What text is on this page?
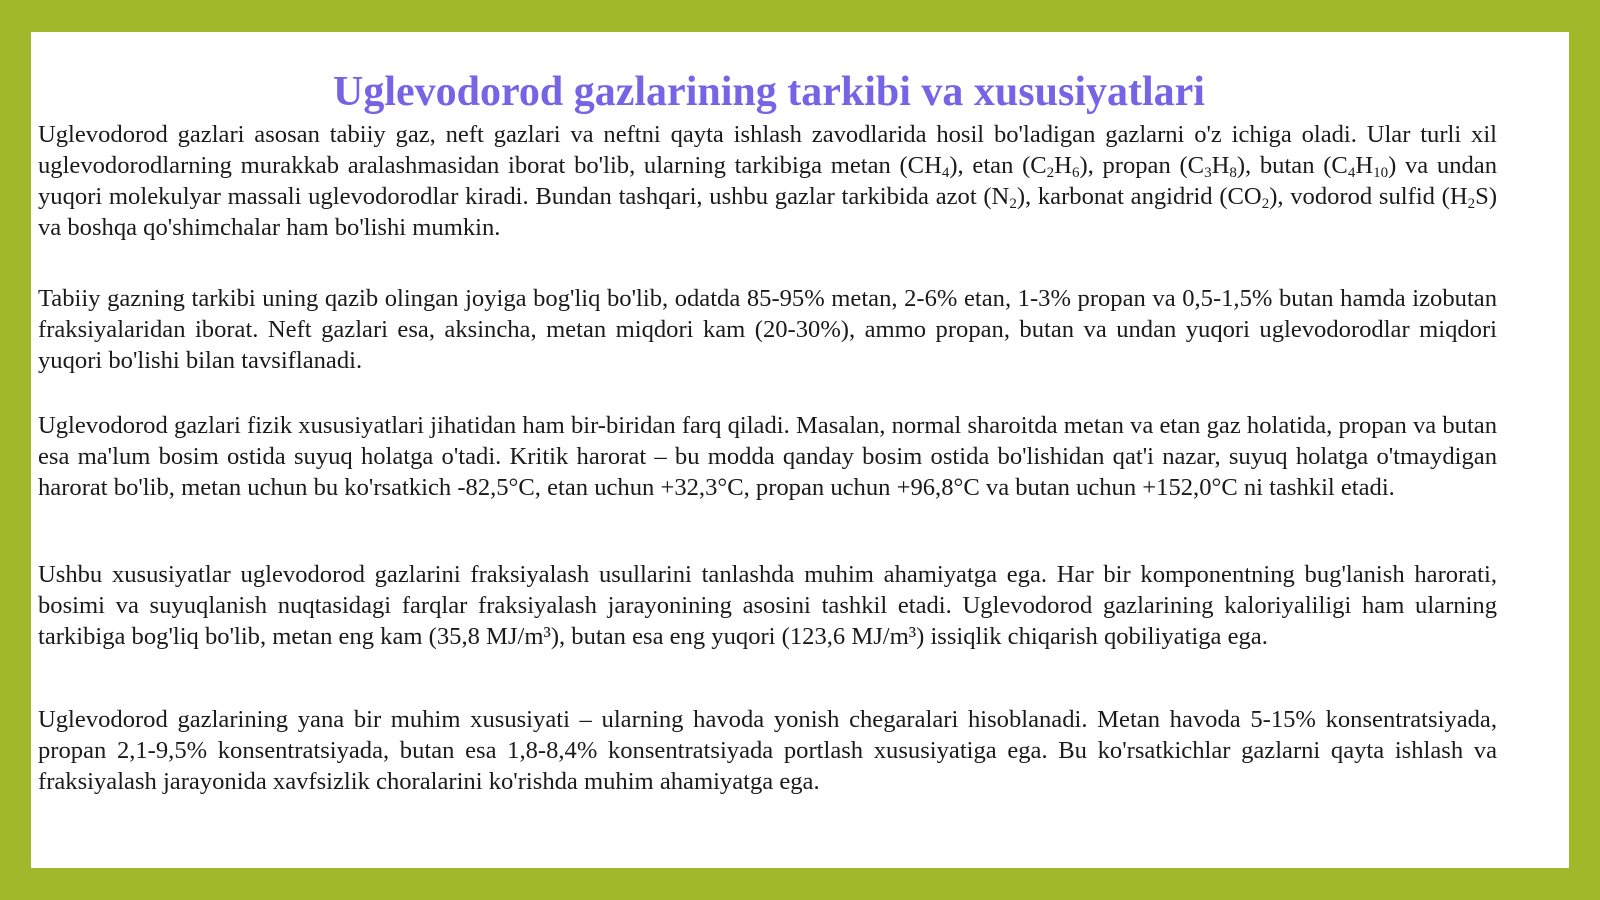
Uglevodorod gazlarining tarkibi va xususiyatlari

Uglevodorod gazlari asosan tabiiy gaz, neft gazlari va neftni qayta ishlash zavodlarida hosil bo'ladigan gazlarni o'z ichiga oladi. Ular turli xil uglevodorodlarning murakkab aralashmasidan iborat bo'lib, ularning tarkibiga metan $(CH_4)$, etan $(C_2H_6)$, propan $(C_3H_8)$, butan $(C_4H_{10})$ va undan yuqori molekulyar massali uglevodorodlar kiradi. Bundan tashqari, ushbu gazlar tarkibida azot $(N_2)$, karbonat angidrid $(CO_2)$, vodorod sulfid $(H_2S)$ va boshqa qo'shimchalar ham bo'lishi mumkin.

Tabiiy gazning tarkibi uning qazib olingan joyiga bog'liq bo'lib, odatda 85-95% metan, 2-6% etan, 1-3% propan va 0,5-1,5% butan hamda izobutan fraksiyalaridan iborat. Neft gazlari esa, aksincha, metan miqdori kam (20-30%), ammo propan, butan va undan yuqori uglevodorodlar miqdori yuqori bo'lishi bilan tavsiflanadi.

Uglevodorod gazlari fizik xususiyatlari jihatidan ham bir-biridan farq qiladi. Masalan, normal sharoitda metan va etan gaz holatida, propan va butan esa ma'lum bosim ostida suyuq holatga o'tadi. Kritik harorat – bu modda qanday bosim ostida bo'lishidan qat'i nazar, suyuq holatga o'tmaydigan harorat bo'lib, metan uchun bu ko'rsatkich -82,5°C, etan uchun +32,3°C, propan uchun +96,8°C va butan uchun +152,0°C ni tashkil etadi.

Ushbu xususiyatlar uglevodorod gazlarini fraksiyalash usullarini tanlashda muhim ahamiyatga ega. Har bir komponentning bug'lanish harorati, bosimi va suyuqlanish nuqtasidagi farqlar fraksiyalash jarayonining asosini tashkil etadi. Uglevodorod gazlarining kaloriyaliligi ham ularning tarkibiga bog'liq bo'lib, metan eng kam (35,8 MJ/m³), butan esa eng yuqori (123,6 MJ/m³) issiqlik chiqarish qobiliyatiga ega.

Uglevodorod gazlarining yana bir muhim xususiyati – ularning havoda yonish chegaralari hisoblanadi. Metan havoda 5-15% konsentratsiyada, propan 2,1-9,5% konsentratsiyada, butan esa 1,8-8,4% konsentratsiyada portlash xususiyatiga ega. Bu ko'rsatkichlar gazlarni qayta ishlash va fraksiyalash jarayonida xavfsizlik choralarini ko'rishda muhim ahamiyatga ega.
